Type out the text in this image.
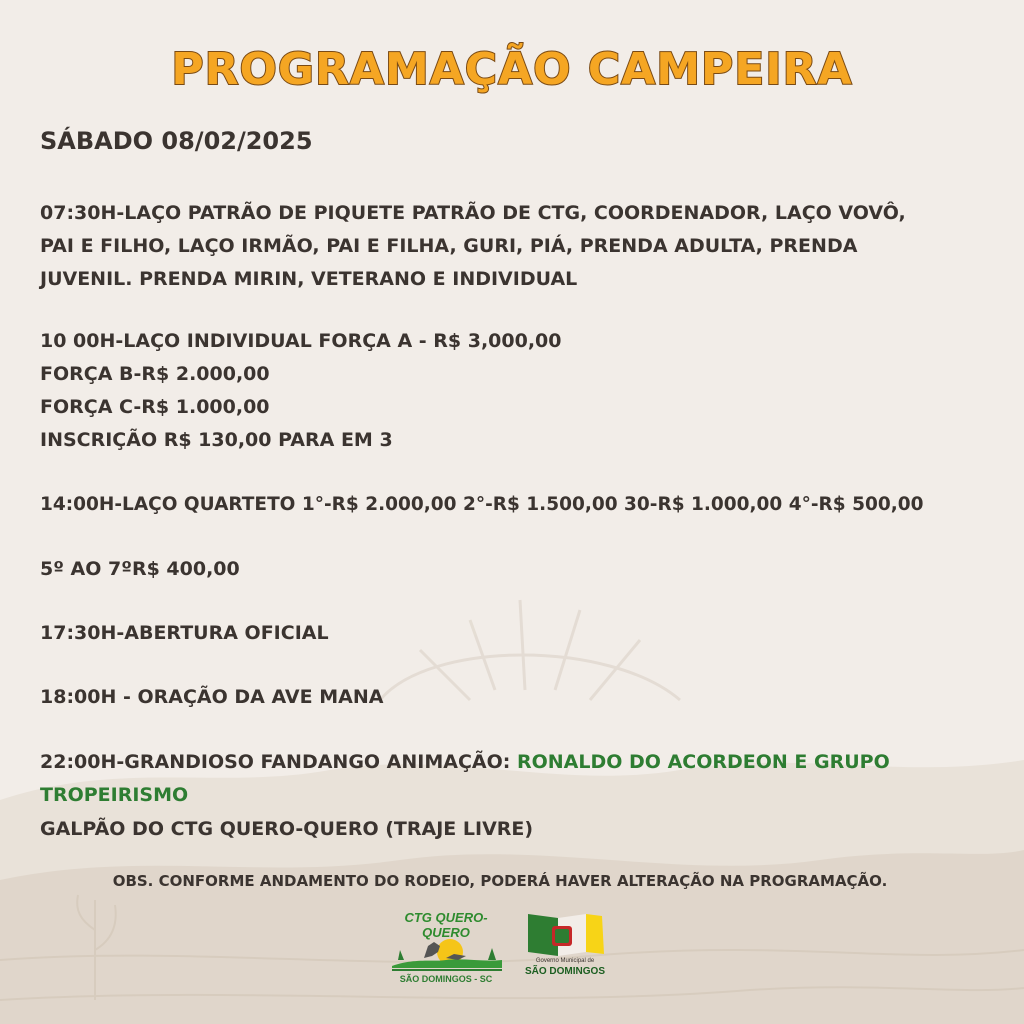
PROGRAMAÇÃO CAMPEIRA
SÁBADO 08/02/2025
07:30H-LAÇO PATRÃO DE PIQUETE PATRÃO DE CTG, COORDENADOR, LAÇO VOVÔ,
PAI E FILHO, LAÇO IRMÃO, PAI E FILHA, GURI, PIÁ, PRENDA ADULTA, PRENDA
JUVENIL. PRENDA MIRIN, VETERANO E INDIVIDUAL
10 00H-LAÇO INDIVIDUAL FORÇA A - R$ 3,000,00
FORÇA B-R$ 2.000,00
FORÇA C-R$ 1.000,00
INSCRIÇÃO R$ 130,00 PARA EM 3
14:00H-LAÇO QUARTETO 1°-R$ 2.000,00 2°-R$ 1.500,00 30-R$ 1.000,00 4°-R$ 500,00
5º AO 7ºR$ 400,00
17:30H-ABERTURA OFICIAL
18:00H - ORAÇÃO DA AVE MANA
22:00H-GRANDIOSO FANDANGO ANIMAÇÃO: RONALDO DO ACORDEON E GRUPO
TROPEIRISMO
GALPÃO DO CTG QUERO-QUERO (TRAJE LIVRE)
OBS. CONFORME ANDAMENTO DO RODEIO, PODERÁ HAVER ALTERAÇÃO NA PROGRAMAÇÃO.
CTG QUERO-QUERO
SÃO DOMINGOS - SC
Governo Municipal de
SÃO DOMINGOS
